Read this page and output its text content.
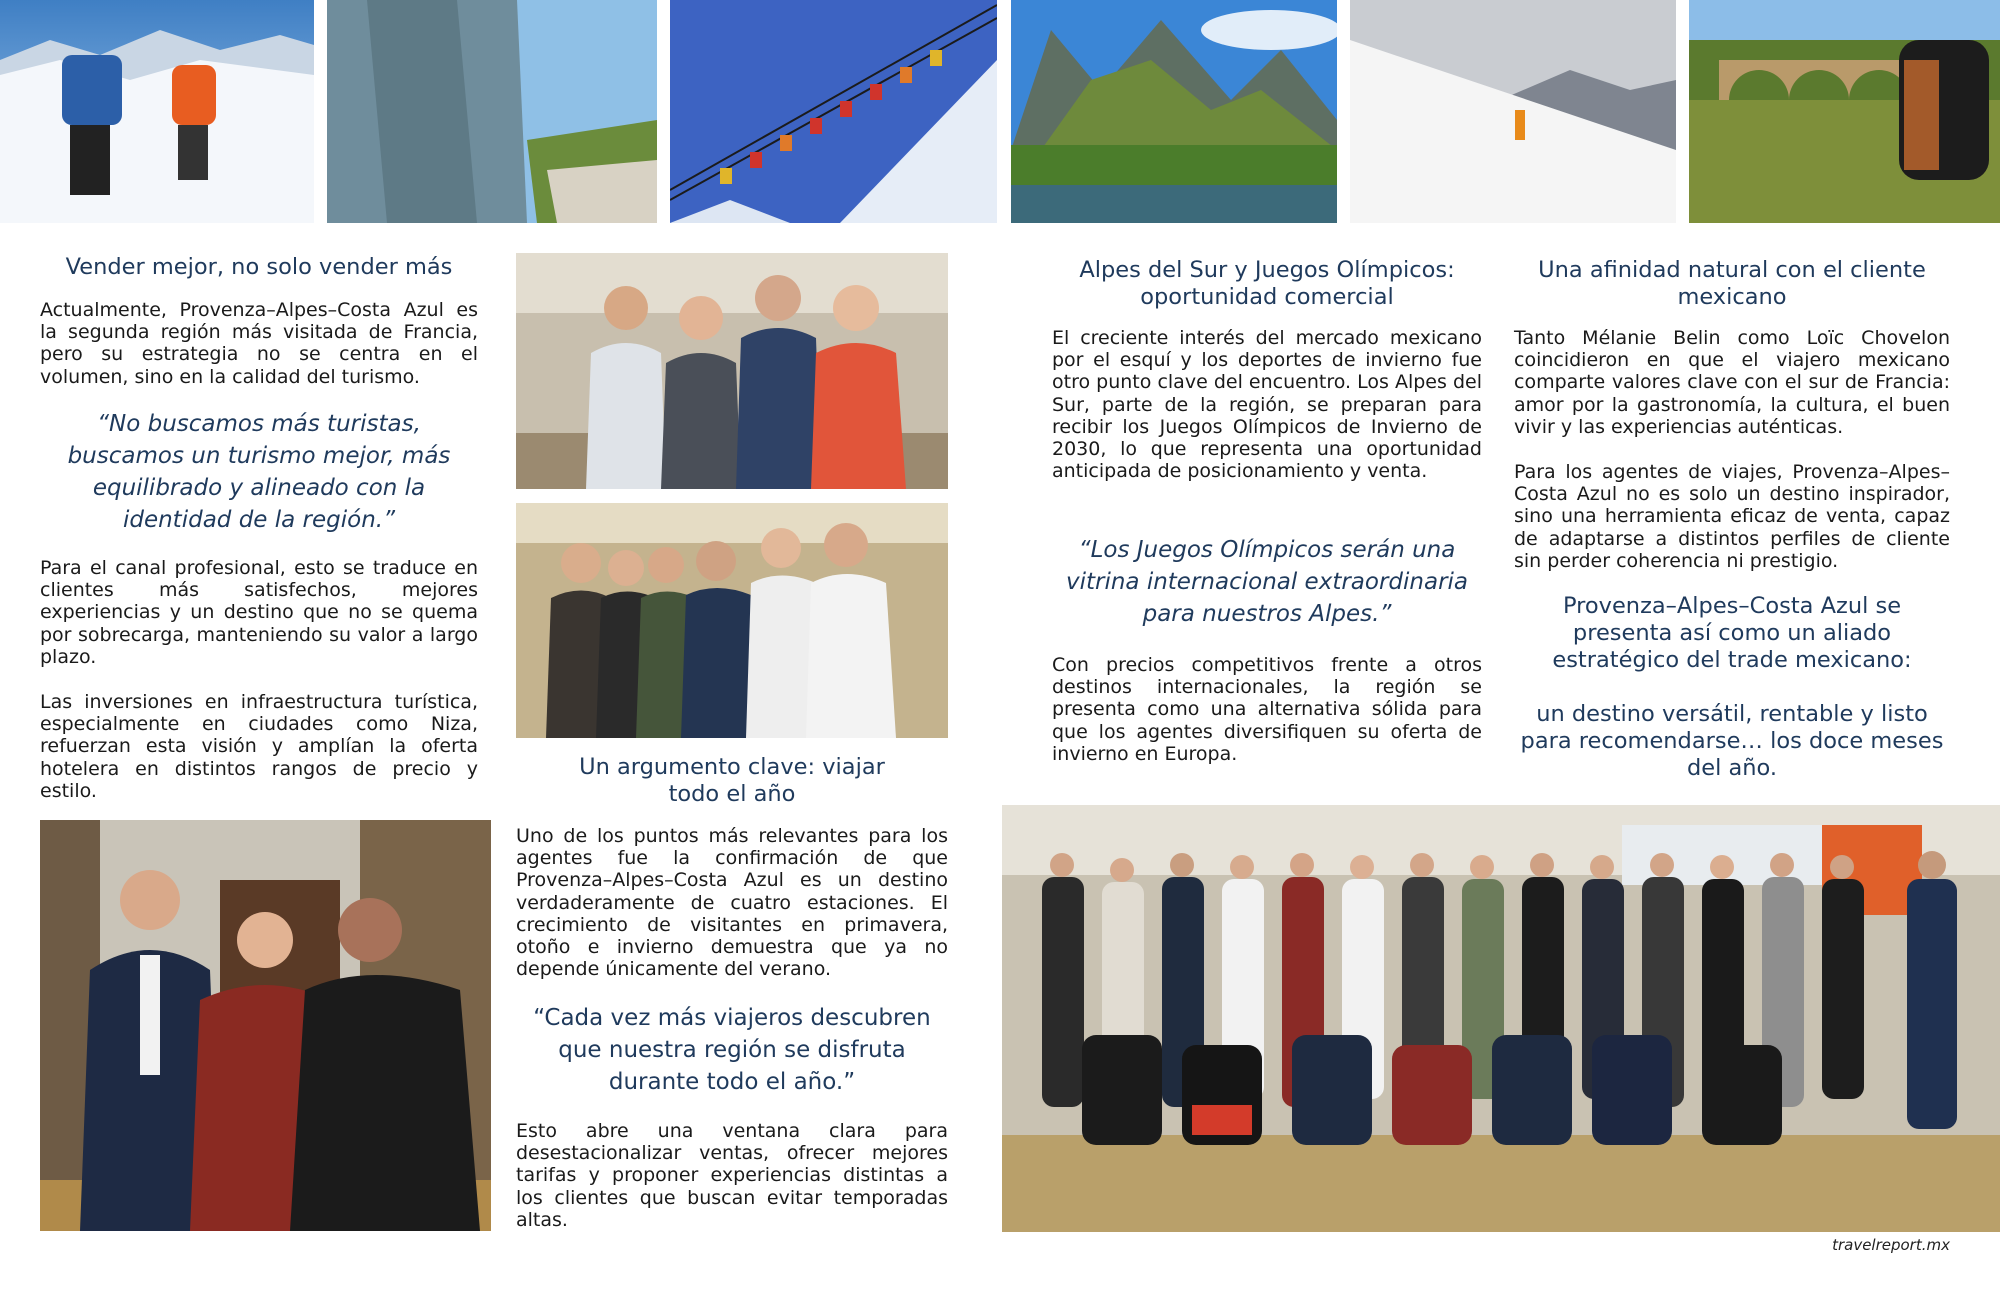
Vender mejor, no solo vender más
Actualmente, Provenza–Alpes–Costa Azul es la segunda región más visitada de Francia, pero su estrategia no se centra en el volumen, sino en la calidad del turismo.
“No buscamos más turistas, buscamos un turismo mejor, más equilibrado y alineado con la identidad de la región.”
Para el canal profesional, esto se traduce en clientes más satisfechos, mejores experiencias y un destino que no se quema por sobrecarga, manteniendo su valor a largo plazo.
Las inversiones en infraestructura turística, especialmente en ciudades como Niza, refuerzan esta visión y amplían la oferta hotelera en distintos rangos de precio y estilo.
Un argumento clave: viajar todo el año
Uno de los puntos más relevantes para los agentes fue la confirmación de que Provenza–Alpes–Costa Azul es un destino verdaderamente de cuatro estaciones. El crecimiento de visitantes en primavera, otoño e invierno demuestra que ya no depende únicamente del verano.
“Cada vez más viajeros descubren que nuestra región se disfruta durante todo el año.”
Esto abre una ventana clara para desestacionalizar ventas, ofrecer mejores tarifas y proponer experiencias distintas a los clientes que buscan evitar temporadas altas.
Alpes del Sur y Juegos Olímpicos: oportunidad comercial
El creciente interés del mercado mexicano por el esquí y los deportes de invierno fue otro punto clave del encuentro. Los Alpes del Sur, parte de la región, se preparan para recibir los Juegos Olímpicos de Invierno de 2030, lo que representa una oportunidad anticipada de posicionamiento y venta.
“Los Juegos Olímpicos serán una vitrina internacional extraordinaria para nuestros Alpes.”
Con precios competitivos frente a otros destinos internacionales, la región se presenta como una alternativa sólida para que los agentes diversifiquen su oferta de invierno en Europa.
Una afinidad natural con el cliente mexicano
Tanto Mélanie Belin como Loïc Chovelon coincidieron en que el viajero mexicano comparte valores clave con el sur de Francia: amor por la gastronomía, la cultura, el buen vivir y las experiencias auténticas.
Para los agentes de viajes, Provenza–Alpes–Costa Azul no es solo un destino inspirador, sino una herramienta eficaz de venta, capaz de adaptarse a distintos perfiles de cliente sin perder coherencia ni prestigio.
Provenza–Alpes–Costa Azul se presenta así como un aliado estratégico del trade mexicano:
un destino versátil, rentable y listo para recomendarse… los doce meses del año.
travelreport.mx
